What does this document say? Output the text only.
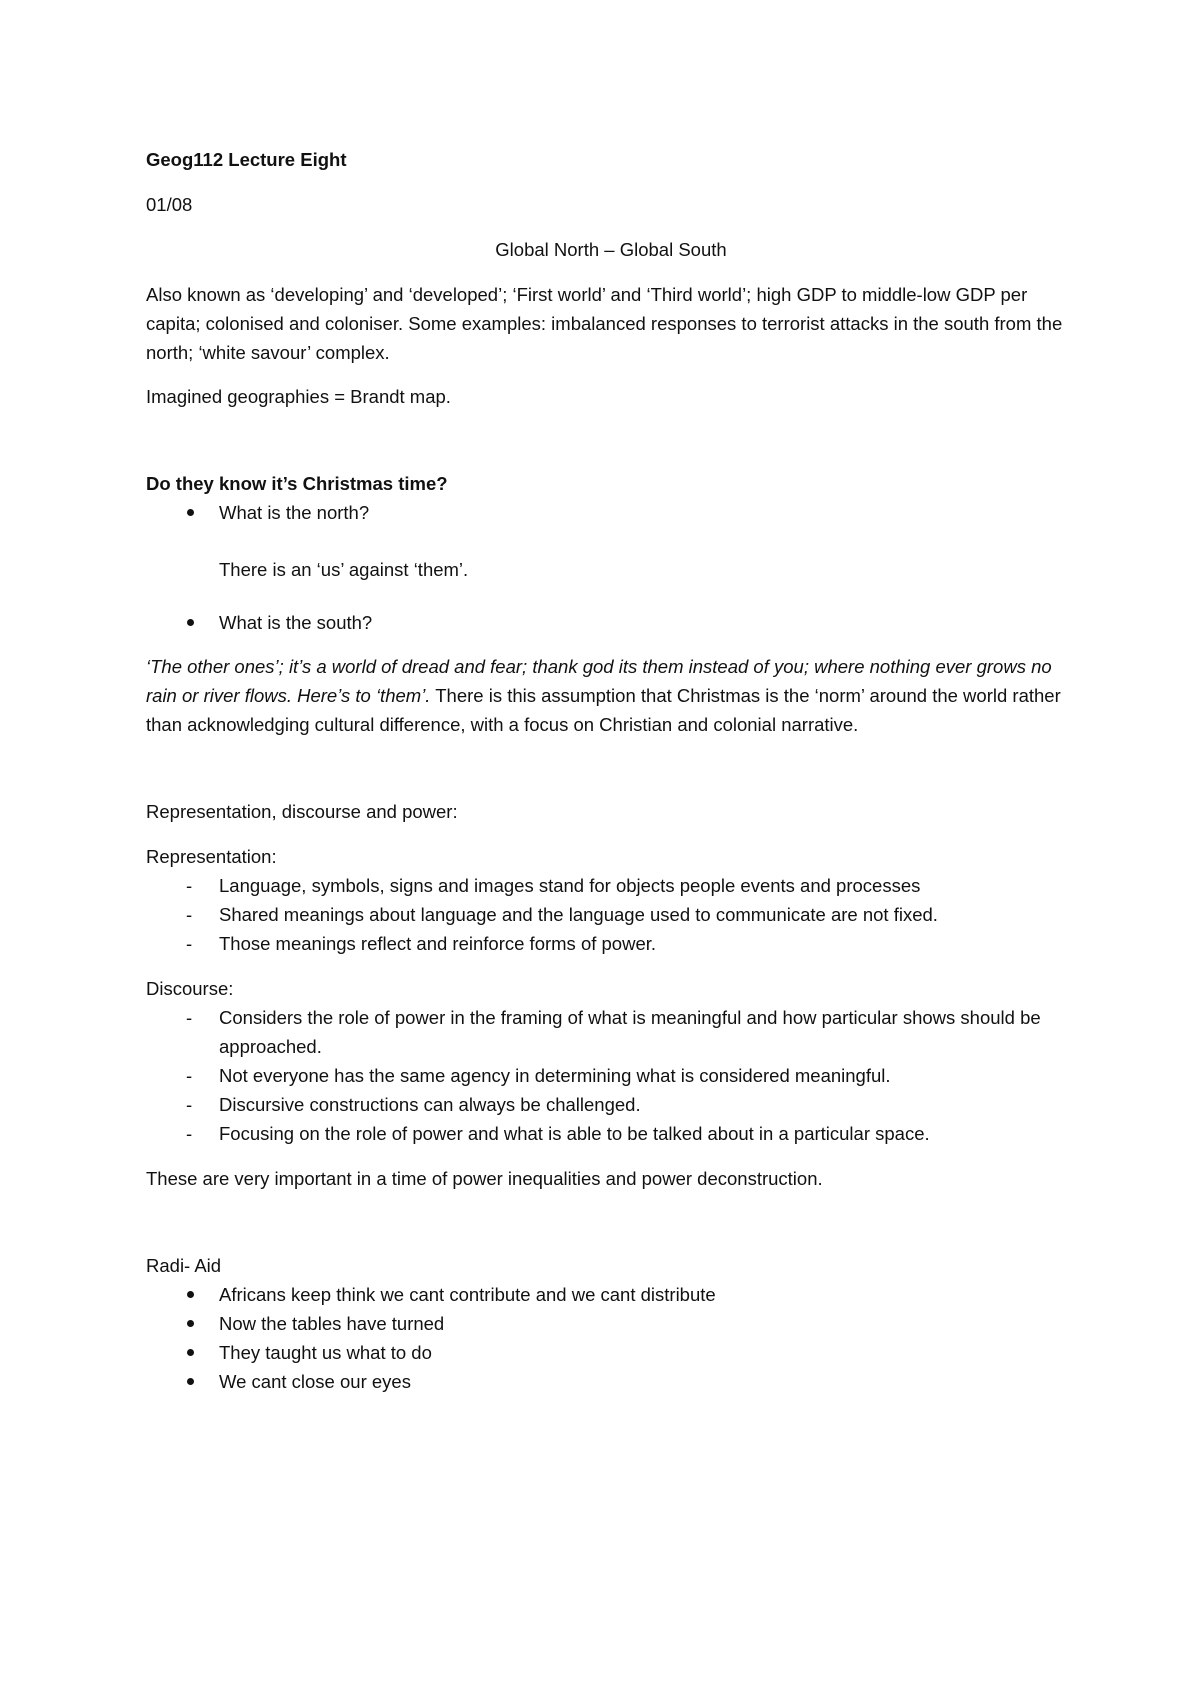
Geog112 Lecture Eight

01/08

Global North – Global South

Also known as ‘developing’ and ‘developed’; ‘First world’ and ‘Third world’; high GDP to middle-low GDP per capita; colonised and coloniser. Some examples: imbalanced responses to terrorist attacks in the south from the north; ‘white savour’ complex.

Imagined geographies = Brandt map.

Do they know it’s Christmas time?

What is the north?

There is an ‘us’ against ‘them’.

What is the south?

‘The other ones’; it’s a world of dread and fear; thank god its them instead of you; where nothing ever grows no rain or river flows. Here’s to ‘them’. There is this assumption that Christmas is the ‘norm’ around the world rather than acknowledging cultural difference, with a focus on Christian and colonial narrative.

Representation, discourse and power:

Representation:

-	Language, symbols, signs and images stand for objects people events and processes
-	Shared meanings about language and the language used to communicate are not fixed.
-	Those meanings reflect and reinforce forms of power.

Discourse:

-	Considers the role of power in the framing of what is meaningful and how particular shows should be approached.
-	Not everyone has the same agency in determining what is considered meaningful.
-	Discursive constructions can always be challenged.
-	Focusing on the role of power and what is able to be talked about in a particular space.

These are very important in a time of power inequalities and power deconstruction.

Radi- Aid

Africans keep think we cant contribute and we cant distribute
Now the tables have turned
They taught us what to do
We cant close our eyes
